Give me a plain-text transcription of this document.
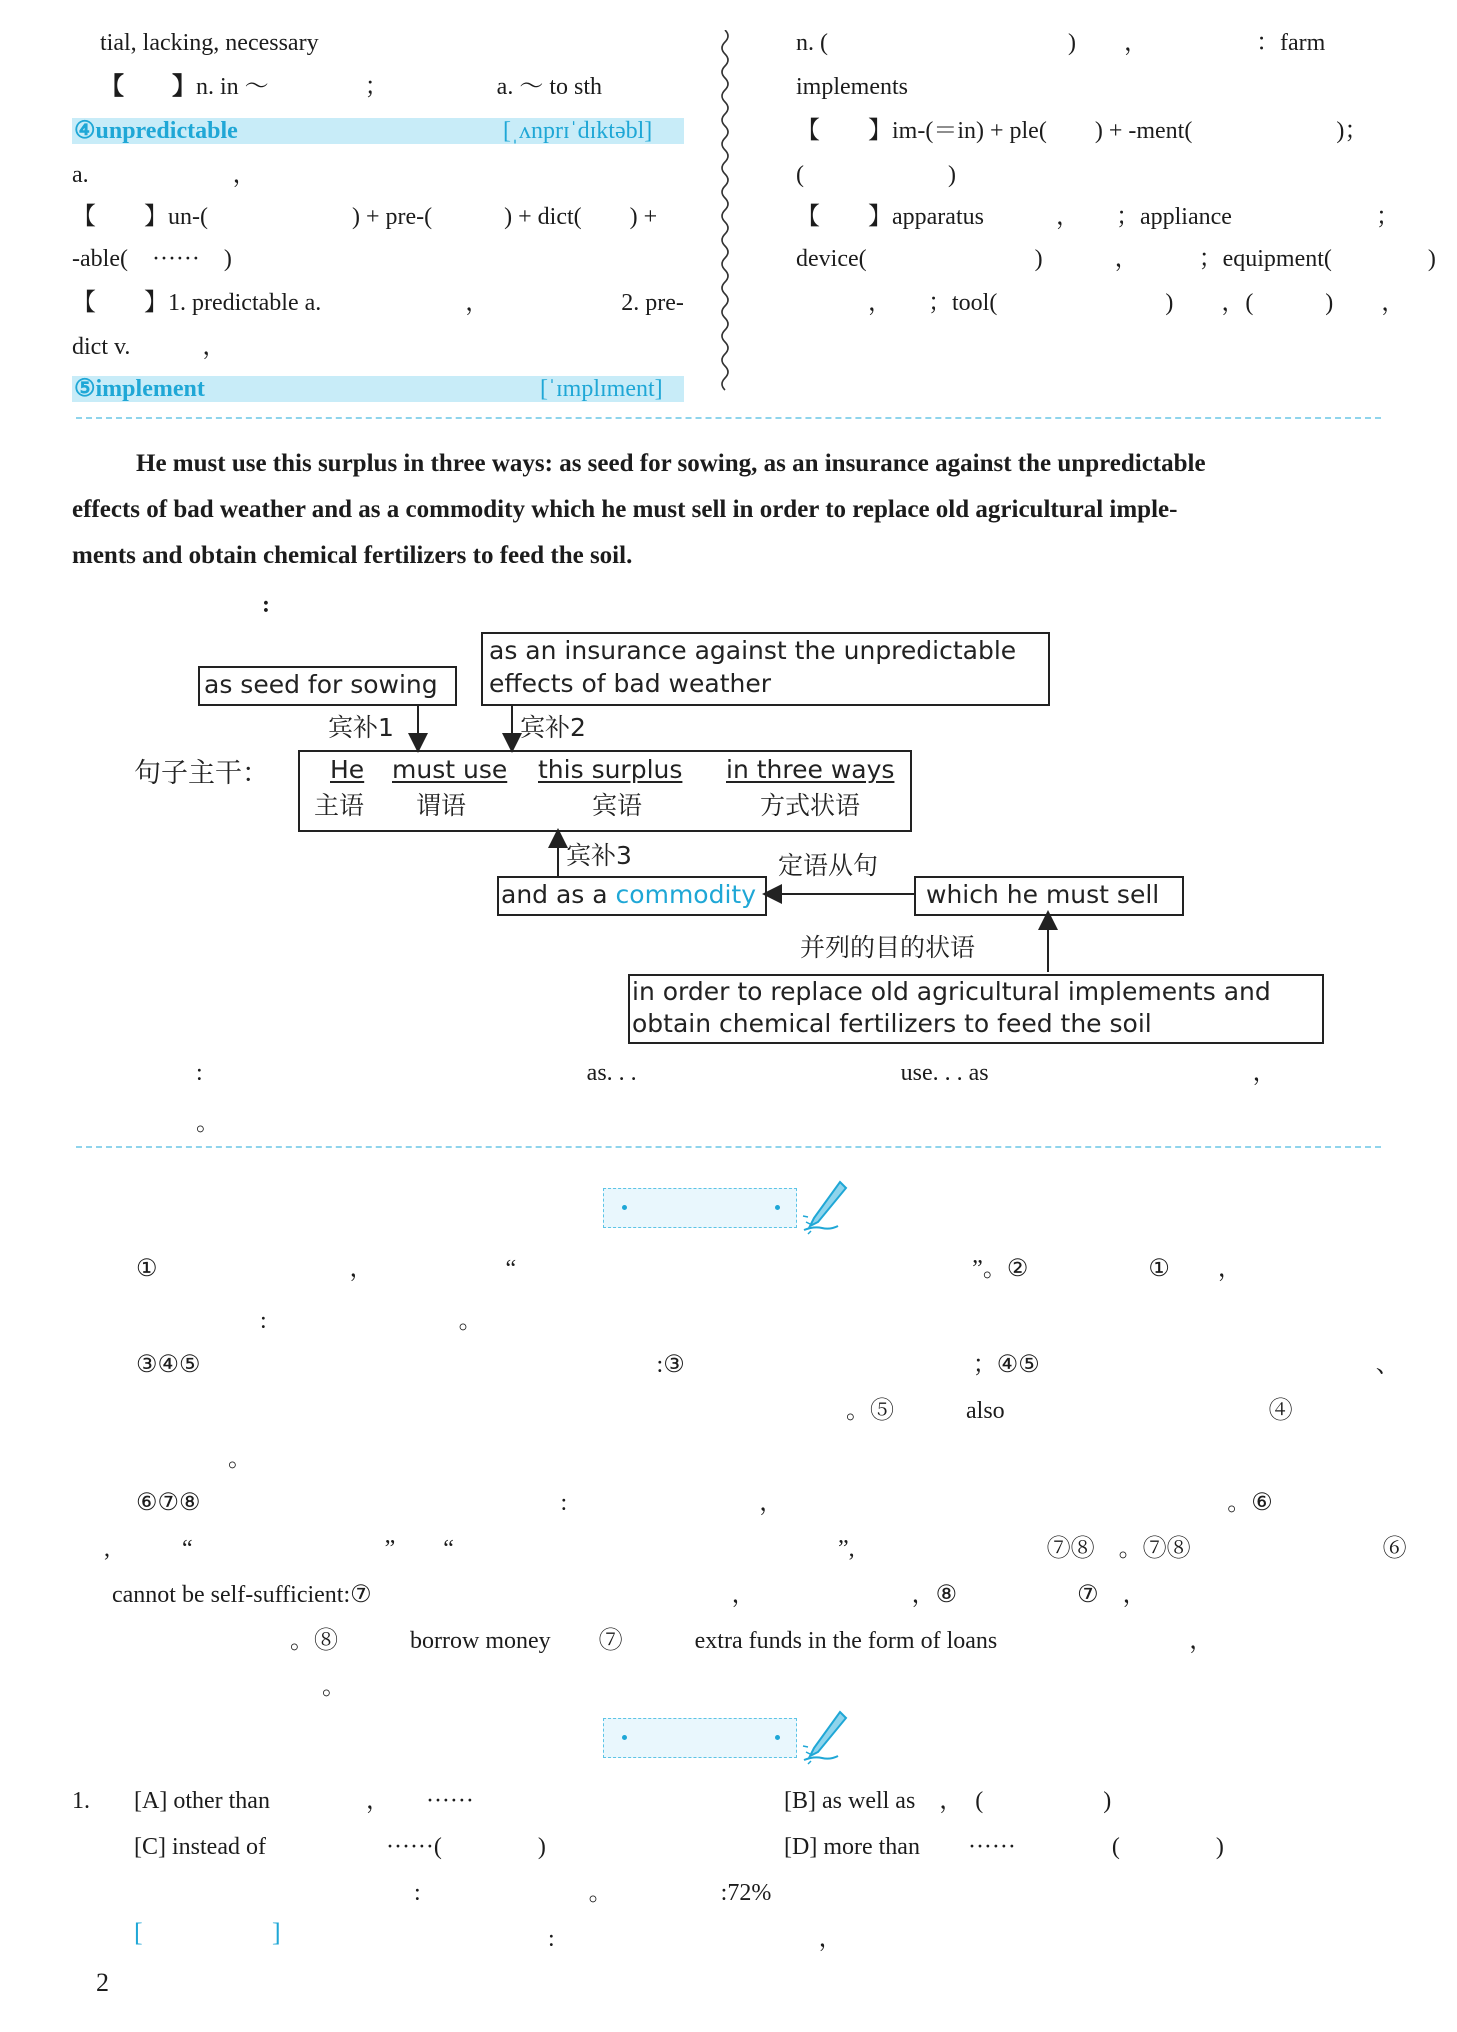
tial, lacking, necessary
【　　】n. in ～　　　　；　　　　　a. ～ to sth
④unpredictable	[ˌʌnprɪˈdɪktəbl]
a.　　　　　　，
【　　】un-(　　　　　　) + pre-(　　　) + dict(　　) +
-able(　······　)
【　　】1. predictable a.　　　　　　，　　　　　　2. pre-
dict v.　　　，
⑤implement	[ˈɪmplɪment]
n. (　　　　　　　　　　)　　，　　　　　：farm
implements
【　　】im-(＝in) + ple(　　) + -ment(　　　　　　)；
(　　　　　　)
【　　】apparatus　　　，　　；appliance　　　　　　；
device(　　　　　　　)　　　，　　　；equipment(　　　　)
　　　，　　；tool(　　　　　　　)　　，(　　　)　　，
He must use this surplus in three ways: as seed for sowing, as an insurance against the unpredictable
effects of bad weather and as a commodity which he must sell in order to replace old agricultural imple-
ments and obtain chemical fertilizers to feed the soil.
:
as seed for sowing
as an insurance against the unpredictable
effects of bad weather
宾补1	宾补2
句子主干： He must use this surplus in three ways
主语 谓语	宾语	方式状语
宾补3	定语从句
and as a commodity	which he must sell
并列的目的状语
in order to replace old agricultural implements and
obtain chemical fertilizers to feed the soil
:　　　　　　　　　　　　　　　　as. . .　　　　　　　　　　　use. . . as　　　　　　　　　　　，
。
①　　　　　　　　，　　　　　　“　　　　　　　　　　　　　　　　　　　”。②　　　　　①　　，
:　　　　　　　　。
③④⑤　　　　　　　　　　　　　　　　　　　:③　　　　　　　　　　　　；④⑤　　　　　　　　　　　　　　、
。⑤　　　also　　　　　　　　　　　④
。
⑥⑦⑧　　　　　　　　　　　　　　　:　　　　　　　　，　　　　　　　　　　　　　　　　　　　。⑥
,　　　“　　　　　　　　”　　“　　　　　　　　　　　　　　　　”,　　　　　　　　⑦⑧　。⑦⑧　　　　　　　　⑥
cannot be self-sufficient:⑦　　　　　　　　　　　　　　　，　　　　　　　，⑧　　　　　⑦　，
。⑧　　　borrow money　　⑦　　　extra funds in the form of loans　　　　　　　　，
。
1. [A] other than　　　　，　　······	[B] as well as　，　(　　　　　)
[C] instead of　　　　　······(　　　　)	[D] more than　　······　　　　(　　　　)
:　　　　　　　。　　　　　:72%
[	]	:　　　　　　　　　　　，
2
